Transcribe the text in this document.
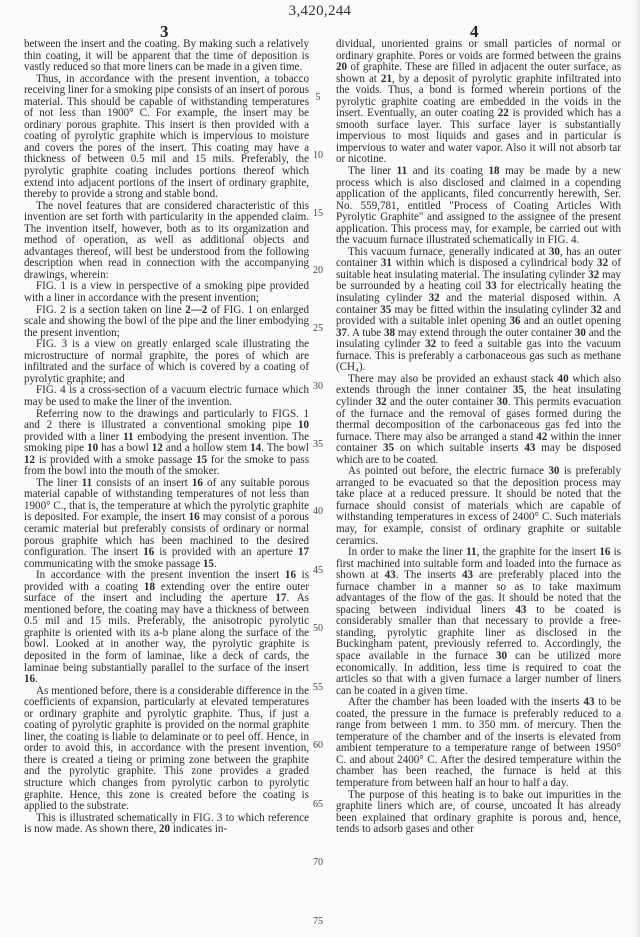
3,420,244
3	4

between the insert and the coating. By making such a relatively thin coating, it will be apparent that the time of deposition is vastly reduced so that more liners can be made in a given time.

Thus, in accordance with the present invention, a tobacco receiving liner for a smoking pipe consists of an insert of porous material. This should be capable of withstanding temperatures of not less than 1900° C. For example, the insert may be ordinary porous graphite. This insert is then provided with a coating of pyrolytic graphite which is impervious to moisture and covers the pores of the insert. This coating may have a thickness of between 0.5 mil and 15 mils. Preferably, the pyrolytic graphite coating includes portions thereof which extend into adjacent portions of the insert of ordinary graphite, thereby to provide a strong and stable bond.

The novel features that are considered characteristic of this invention are set forth with particularity in the appended claim. The invention itself, however, both as to its organization and method of operation, as well as additional objects and advantages thereof, will best be understood from the following description when read in connection with the accompanying drawings, wherein:

FIG. 1 is a view in perspective of a smoking pipe provided with a liner in accordance with the present invention;

FIG. 2 is a section taken on line 2—2 of FIG. 1 on enlarged scale and showing the bowl of the pipe and the liner embodying the present invention;

FIG. 3 is a view on greatly enlarged scale illustrating the microstructure of normal graphite, the pores of which are infiltrated and the surface of which is covered by a coating of pyrolytic graphite; and

FIG. 4 is a cross-section of a vacuum electric furnace which may be used to make the liner of the invention.

Referring now to the drawings and particularly to FIGS. 1 and 2 there is illustrated a conventional smoking pipe 10 provided with a liner 11 embodying the present invention. The smoking pipe 10 has a bowl 12 and a hollow stem 14. The bowl 12 is provided with a smoke passage 15 for the smoke to pass from the bowl into the mouth of the smoker.

The liner 11 consists of an insert 16 of any suitable porous material capable of withstanding temperatures of not less than 1900° C., that is, the temperature at which the pyrolytic graphite is deposited. For example, the insert 16 may consist of a porous ceramic material but preferably consists of ordinary or normal porous graphite which has been machined to the desired configuration. The insert 16 is provided with an aperture 17 communicating with the smoke passage 15.

In accordance with the present invention the insert 16 is provided with a coating 18 extending over the entire outer surface of the insert and including the aperture 17. As mentioned before, the coating may have a thickness of between 0.5 mil and 15 mils. Preferably, the anisotropic pyrolytic graphite is oriented with its a-b plane along the surface of the bowl. Looked at in another way, the pyrolytic graphite is deposited in the form of laminae, like a deck of cards, the laminae being substantially parallel to the surface of the insert 16.

As mentioned before, there is a considerable difference in the coefficients of expansion, particularly at elevated temperatures or ordinary graphite and pyrolytic graphite. Thus, if just a coating of pyrolytic graphite is provided on the normal graphite liner, the coating is liable to delaminate or to peel off. Hence, in order to avoid this, in accordance with the present invention, there is created a tieing or priming zone between the graphite and the pyrolytic graphite. This zone provides a graded structure which changes from pyrolytic carbon to pyrolytic graphite. Hence, this zone is created before the coating is applied to the substrate.

This is illustrated schematically in FIG. 3 to which reference is now made. As shown there, 20 indicates in-

dividual, unoriented grains or small particles of normal or ordinary graphite. Pores or voids are formed between the grains 20 of graphite. These are filled in adjacent the outer surface, as shown at 21, by a deposit of pyrolytic graphite infiltrated into the voids. Thus, a bond is formed wherein portions of the pyrolytic graphite coating are embedded in the voids in the insert. Eventually, an outer coating 22 is provided which has a smooth surface layer. This surface layer is substantially impervious to most liquids and gases and in particular is impervious to water and water vapor. Also it will not absorb tar or nicotine.

The liner 11 and its coating 18 may be made by a new process which is also disclosed and claimed in a copending application of the applicants, filed concurrently herewith, Ser. No. 559,781, entitled "Process of Coating Articles With Pyrolytic Graphite" and assigned to the assignee of the present application. This process may, for example, be carried out with the vacuum furnace illustrated schematically in FIG. 4.

This vacuum furnace, generally indicated at 30, has an outer container 31 within which is disposed a cylindrical body 32 of suitable heat insulating material. The insulating cylinder 32 may be surrounded by a heating coil 33 for electrically heating the insulating cylinder 32 and the material disposed within. A container 35 may be fitted within the insulating cylinder 32 and provided with a suitable inlet opening 36 and an outlet opening 37. A tube 38 may extend through the outer container 30 and the insulating cylinder 32 to feed a suitable gas into the vacuum furnace. This is preferably a carbonaceous gas such as methane (CH₄).

There may also be provided an exhaust stack 40 which also extends through the inner container 35, the heat insulating cylinder 32 and the outer container 30. This permits evacuation of the furnace and the removal of gases formed during the thermal decomposition of the carbonaceous gas fed into the furnace. There may also be arranged a stand 42 within the inner container 35 on which suitable inserts 43 may be disposed which are to be coated.

As pointed out before, the electric furnace 30 is preferably arranged to be evacuated so that the deposition process may take place at a reduced pressure. It should be noted that the furnace should consist of materials which are capable of withstanding temperatures in excess of 2400° C. Such materials may, for example, consist of ordinary graphite or suitable ceramics.

In order to make the liner 11, the graphite for the insert 16 is first machined into suitable form and loaded into the furnace as shown at 43. The inserts 43 are preferably placed into the furnace chamber in a manner so as to take maximum advantages of the flow of the gas. It should be noted that the spacing between individual liners 43 to be coated is considerably smaller than that necessary to provide a free-standing, pyrolytic graphite liner as disclosed in the Buckingham patent, previously referred to. Accordingly, the space available in the furnace 30 can be utilized more economically. In addition, less time is required to coat the articles so that with a given furnace a larger number of liners can be coated in a given time.

After the chamber has been loaded with the inserts 43 to be coated, the pressure in the furnace is preferably reduced to a range from between 1 mm. to 350 mm. of mercury. Then the temperature of the chamber and of the inserts is elevated from ambient temperature to a temperature range of between 1950° C. and about 2400° C. After the desired temperature within the chamber has been reached, the furnace is held at this temperature from between half an hour to half a day.

The purpose of this heating is to bake out impurities in the graphite liners which are, of course, uncoated It has already been explained that ordinary graphite is porous and, hence, tends to adsorb gases and other

5
10
15
20
25
30
35
40
45
50
55
60
65
70
75
